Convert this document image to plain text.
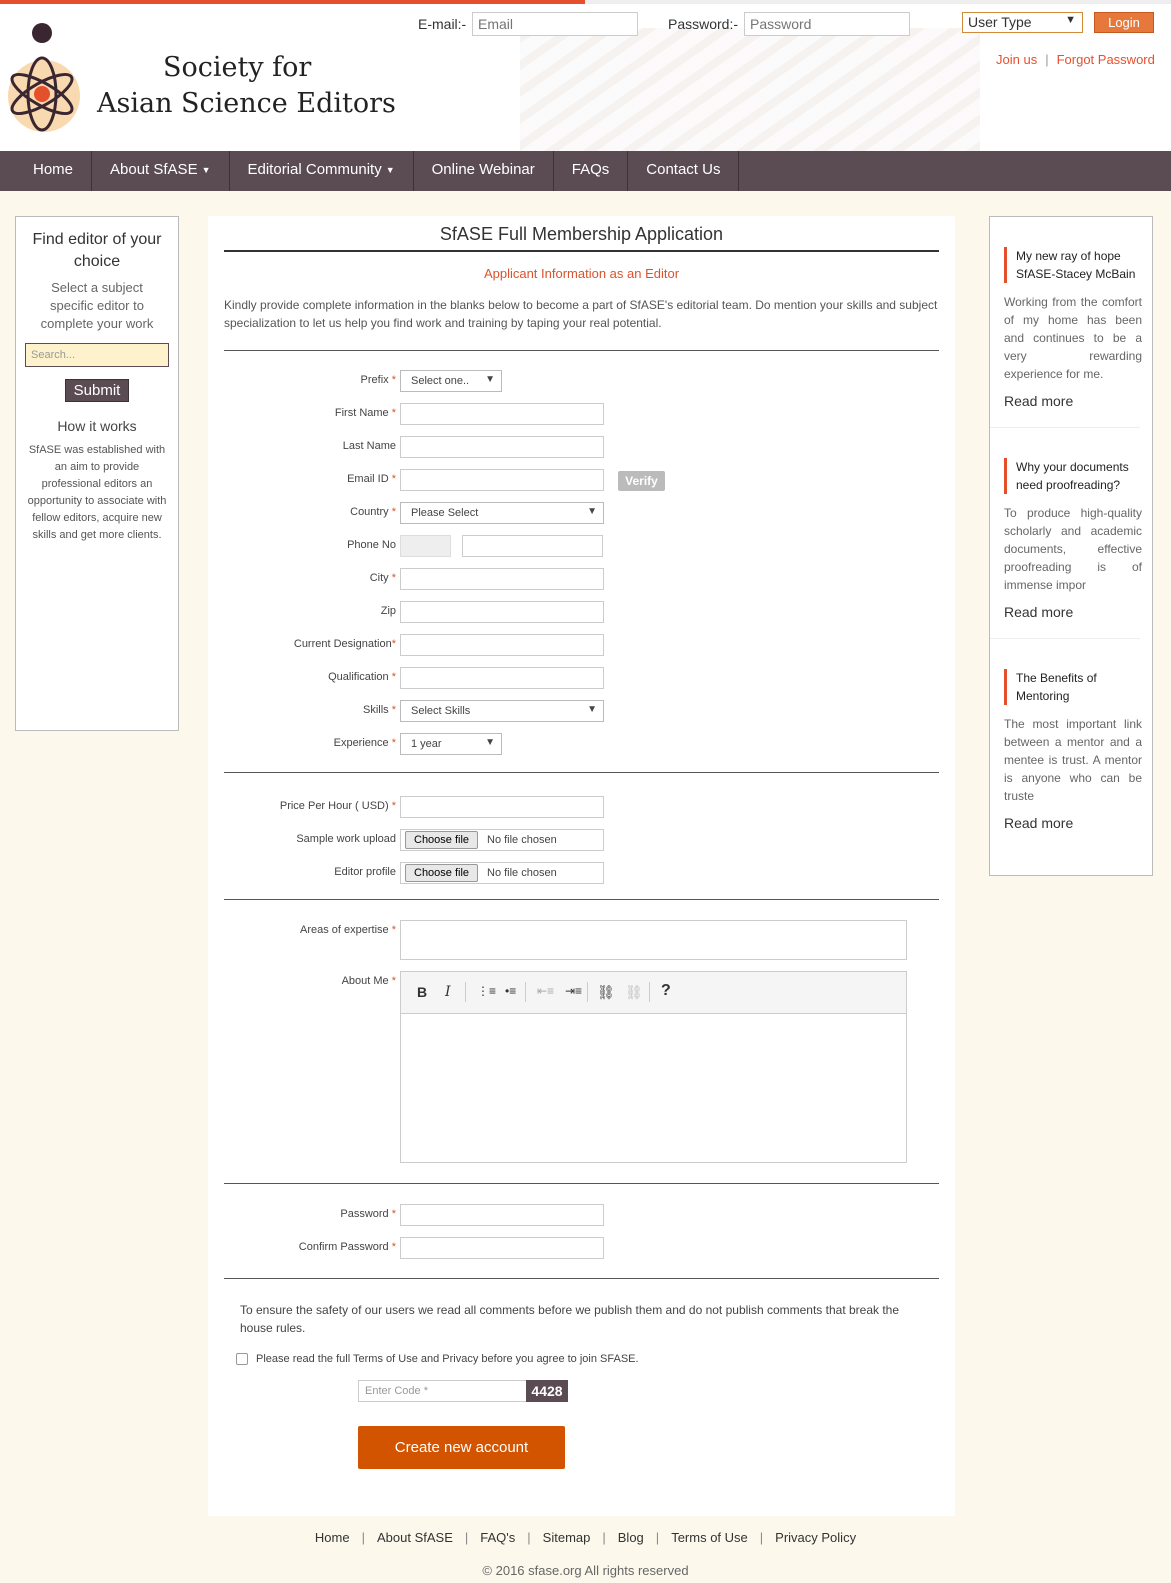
Society for
Asian Science Editors
E-mail:-
Email	Password:-
Password	User Type	▼	Login
Join us | Forgot Password
Home	About SfASE ▼	Editorial Community ▼	Online Webinar	FAQs	Contact Us
Find editor of your choice
Select a subject specific editor to complete your work
Search...
Submit
How it works
SfASE was established with an aim to provide professional editors an opportunity to associate with fellow editors, acquire new skills and get more clients.
SfASE Full Membership Application
Applicant Information as an Editor
Kindly provide complete information in the blanks below to become a part of SfASE's editorial team. Do mention your skills and subject specialization to let us help you find work and training by taping your real potential.
Prefix *	Select one.. ▼
First Name *
Last Name
Email ID *	Verify
Country *	Please Select	▼
Phone No
City *
Zip
Current Designation*
Qualification *
Skills *	Select Skills	▼
Experience *	1 year	▼
Price Per Hour ( USD) *
Sample work upload	Choose file	No file chosen
Editor profile	Choose file	No file chosen
Areas of expertise *
About Me *
B I ⋮≡ •≡ ⇤≡ ⇥≡ ⛓ ⛓ ?
Password *
Confirm Password *
To ensure the safety of our users we read all comments before we publish them and do not publish comments that break the house rules.
Please read the full Terms of Use and Privacy before you agree to join SFASE.
Enter Code *	4428
Create new account
My new ray of hope SfASE-Stacey McBain
Working from the comfort of my home has been and continues to be a very rewarding experience for me.
Read more
Why your documents need proofreading?
To produce high-quality scholarly and academic documents, effective proofreading is of immense impor
Read more
The Benefits of Mentoring
The most important link between a mentor and a mentee is trust. A mentor is anyone who can be truste
Read more
Home | About SfASE | FAQ's | Sitemap | Blog | Terms of Use | Privacy Policy
© 2016 sfase.org All rights reserved
